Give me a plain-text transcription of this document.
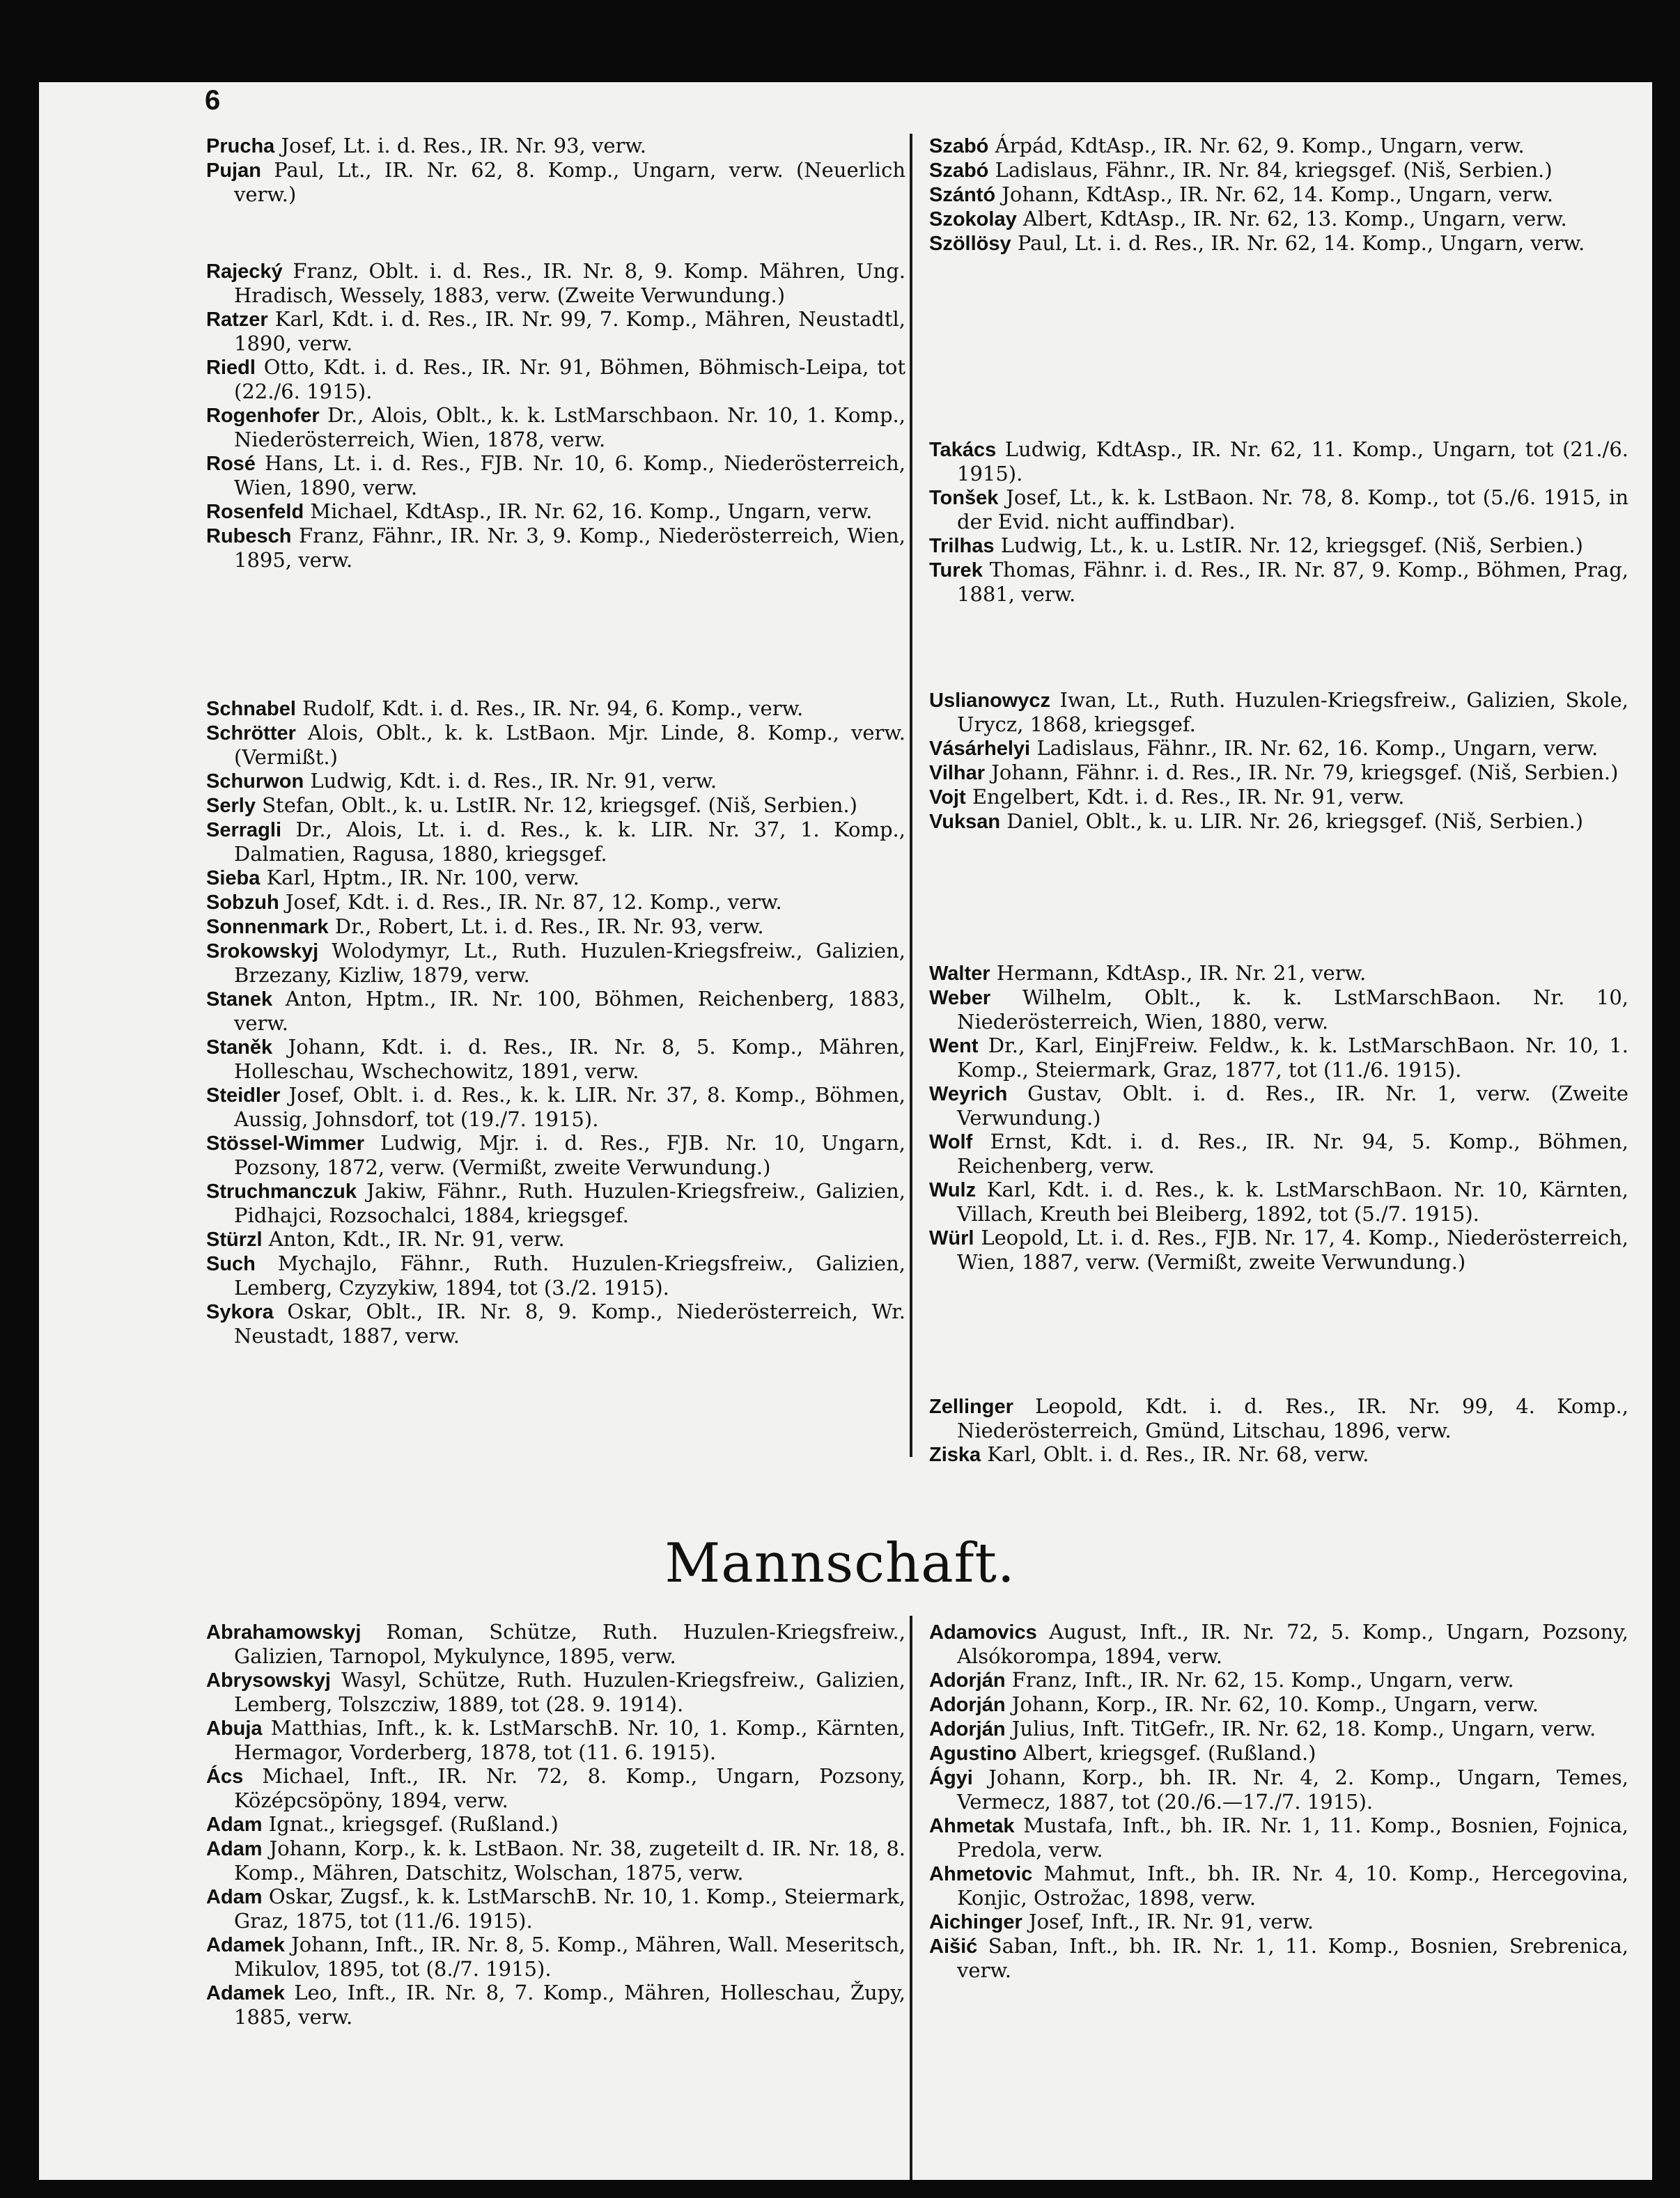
6

Prucha Josef, Lt. i. d. Res., IR. Nr. 93, verw.

Pujan Paul, Lt., IR. Nr. 62, 8. Komp., Ungarn, verw. (Neuerlich verw.)

Rajecký Franz, Oblt. i. d. Res., IR. Nr. 8, 9. Komp. Mähren, Ung. Hradisch, Wessely, 1883, verw. (Zweite Verwundung.)

Ratzer Karl, Kdt. i. d. Res., IR. Nr. 99, 7. Komp., Mähren, Neustadtl, 1890, verw.

Riedl Otto, Kdt. i. d. Res., IR. Nr. 91, Böhmen, Böhmisch-Leipa, tot (22./6. 1915).

Rogenhofer Dr., Alois, Oblt., k. k. LstMarschbaon. Nr. 10, 1. Komp., Niederösterreich, Wien, 1878, verw.

Rosé Hans, Lt. i. d. Res., FJB. Nr. 10, 6. Komp., Niederösterreich, Wien, 1890, verw.

Rosenfeld Michael, KdtAsp., IR. Nr. 62, 16. Komp., Ungarn, verw.

Rubesch Franz, Fähnr., IR. Nr. 3, 9. Komp., Niederösterreich, Wien, 1895, verw.

Schnabel Rudolf, Kdt. i. d. Res., IR. Nr. 94, 6. Komp., verw.

Schrötter Alois, Oblt., k. k. LstBaon. Mjr. Linde, 8. Komp., verw. (Vermißt.)

Schurwon Ludwig, Kdt. i. d. Res., IR. Nr. 91, verw.

Serly Stefan, Oblt., k. u. LstIR. Nr. 12, kriegsgef. (Niš, Serbien.)

Serragli Dr., Alois, Lt. i. d. Res., k. k. LIR. Nr. 37, 1. Komp., Dalmatien, Ragusa, 1880, kriegsgef.

Sieba Karl, Hptm., IR. Nr. 100, verw.

Sobzuh Josef, Kdt. i. d. Res., IR. Nr. 87, 12. Komp., verw.

Sonnenmark Dr., Robert, Lt. i. d. Res., IR. Nr. 93, verw.

Srokowskyj Wolodymyr, Lt., Ruth. Huzulen-Kriegsfreiw., Galizien, Brzezany, Kizliw, 1879, verw.

Stanek Anton, Hptm., IR. Nr. 100, Böhmen, Reichenberg, 1883, verw.

Staněk Johann, Kdt. i. d. Res., IR. Nr. 8, 5. Komp., Mähren, Holleschau, Wschechowitz, 1891, verw.

Steidler Josef, Oblt. i. d. Res., k. k. LIR. Nr. 37, 8. Komp., Böhmen, Aussig, Johnsdorf, tot (19./7. 1915).

Stössel-Wimmer Ludwig, Mjr. i. d. Res., FJB. Nr. 10, Ungarn, Pozsony, 1872, verw. (Vermißt, zweite Verwundung.)

Struchmanczuk Jakiw, Fähnr., Ruth. Huzulen-Kriegsfreiw., Galizien, Pidhajci, Rozsochalci, 1884, kriegsgef.

Stürzl Anton, Kdt., IR. Nr. 91, verw.

Such Mychajlo, Fähnr., Ruth. Huzulen-Kriegsfreiw., Galizien, Lemberg, Czyzykiw, 1894, tot (3./2. 1915).

Sykora Oskar, Oblt., IR. Nr. 8, 9. Komp., Niederösterreich, Wr. Neustadt, 1887, verw.

Szabó Árpád, KdtAsp., IR. Nr. 62, 9. Komp., Ungarn, verw.

Szabó Ladislaus, Fähnr., IR. Nr. 84, kriegsgef. (Niš, Serbien.)

Szántó Johann, KdtAsp., IR. Nr. 62, 14. Komp., Ungarn, verw.

Szokolay Albert, KdtAsp., IR. Nr. 62, 13. Komp., Ungarn, verw.

Szöllösy Paul, Lt. i. d. Res., IR. Nr. 62, 14. Komp., Ungarn, verw.

Takács Ludwig, KdtAsp., IR. Nr. 62, 11. Komp., Ungarn, tot (21./6. 1915).

Tonšek Josef, Lt., k. k. LstBaon. Nr. 78, 8. Komp., tot (5./6. 1915, in der Evid. nicht auffindbar).

Trilhas Ludwig, Lt., k. u. LstIR. Nr. 12, kriegsgef. (Niš, Serbien.)

Turek Thomas, Fähnr. i. d. Res., IR. Nr. 87, 9. Komp., Böhmen, Prag, 1881, verw.

Uslianowycz Iwan, Lt., Ruth. Huzulen-Kriegsfreiw., Galizien, Skole, Urycz, 1868, kriegsgef.

Vásárhelyi Ladislaus, Fähnr., IR. Nr. 62, 16. Komp., Ungarn, verw.

Vilhar Johann, Fähnr. i. d. Res., IR. Nr. 79, kriegsgef. (Niš, Serbien.)

Vojt Engelbert, Kdt. i. d. Res., IR. Nr. 91, verw.

Vuksan Daniel, Oblt., k. u. LIR. Nr. 26, kriegsgef. (Niš, Serbien.)

Walter Hermann, KdtAsp., IR. Nr. 21, verw.

Weber Wilhelm, Oblt., k. k. LstMarschBaon. Nr. 10, Niederösterreich, Wien, 1880, verw.

Went Dr., Karl, EinjFreiw. Feldw., k. k. LstMarschBaon. Nr. 10, 1. Komp., Steiermark, Graz, 1877, tot (11./6. 1915).

Weyrich Gustav, Oblt. i. d. Res., IR. Nr. 1, verw. (Zweite Verwundung.)

Wolf Ernst, Kdt. i. d. Res., IR. Nr. 94, 5. Komp., Böhmen, Reichenberg, verw.

Wulz Karl, Kdt. i. d. Res., k. k. LstMarschBaon. Nr. 10, Kärnten, Villach, Kreuth bei Bleiberg, 1892, tot (5./7. 1915).

Würl Leopold, Lt. i. d. Res., FJB. Nr. 17, 4. Komp., Niederösterreich, Wien, 1887, verw. (Vermißt, zweite Verwundung.)

Zellinger Leopold, Kdt. i. d. Res., IR. Nr. 99, 4. Komp., Niederösterreich, Gmünd, Litschau, 1896, verw.

Ziska Karl, Oblt. i. d. Res., IR. Nr. 68, verw.

Mannschaft.

Abrahamowskyj Roman, Schütze, Ruth. Huzulen-Kriegsfreiw., Galizien, Tarnopol, Mykulynce, 1895, verw.

Abrysowskyj Wasyl, Schütze, Ruth. Huzulen-Kriegsfreiw., Galizien, Lemberg, Tolszcziw, 1889, tot (28. 9. 1914).

Abuja Matthias, Inft., k. k. LstMarschB. Nr. 10, 1. Komp., Kärnten, Hermagor, Vorderberg, 1878, tot (11. 6. 1915).

Ács Michael, Inft., IR. Nr. 72, 8. Komp., Ungarn, Pozsony, Középcsöpöny, 1894, verw.

Adam Ignat., kriegsgef. (Rußland.)

Adam Johann, Korp., k. k. LstBaon. Nr. 38, zugeteilt d. IR. Nr. 18, 8. Komp., Mähren, Datschitz, Wolschan, 1875, verw.

Adam Oskar, Zugsf., k. k. LstMarschB. Nr. 10, 1. Komp., Steiermark, Graz, 1875, tot (11./6. 1915).

Adamek Johann, Inft., IR. Nr. 8, 5. Komp., Mähren, Wall. Meseritsch, Mikulov, 1895, tot (8./7. 1915).

Adamek Leo, Inft., IR. Nr. 8, 7. Komp., Mähren, Holleschau, Župy, 1885, verw.

Adamovics August, Inft., IR. Nr. 72, 5. Komp., Ungarn, Pozsony, Alsókorompa, 1894, verw.

Adorján Franz, Inft., IR. Nr. 62, 15. Komp., Ungarn, verw.

Adorján Johann, Korp., IR. Nr. 62, 10. Komp., Ungarn, verw.

Adorján Julius, Inft. TitGefr., IR. Nr. 62, 18. Komp., Ungarn, verw.

Agustino Albert, kriegsgef. (Rußland.)

Ágyi Johann, Korp., bh. IR. Nr. 4, 2. Komp., Ungarn, Temes, Vermecz, 1887, tot (20./6.—17./7. 1915).

Ahmetak Mustafa, Inft., bh. IR. Nr. 1, 11. Komp., Bosnien, Fojnica, Predola, verw.

Ahmetovic Mahmut, Inft., bh. IR. Nr. 4, 10. Komp., Hercegovina, Konjic, Ostrožac, 1898, verw.

Aichinger Josef, Inft., IR. Nr. 91, verw.

Aišić Saban, Inft., bh. IR. Nr. 1, 11. Komp., Bosnien, Srebrenica, verw.
